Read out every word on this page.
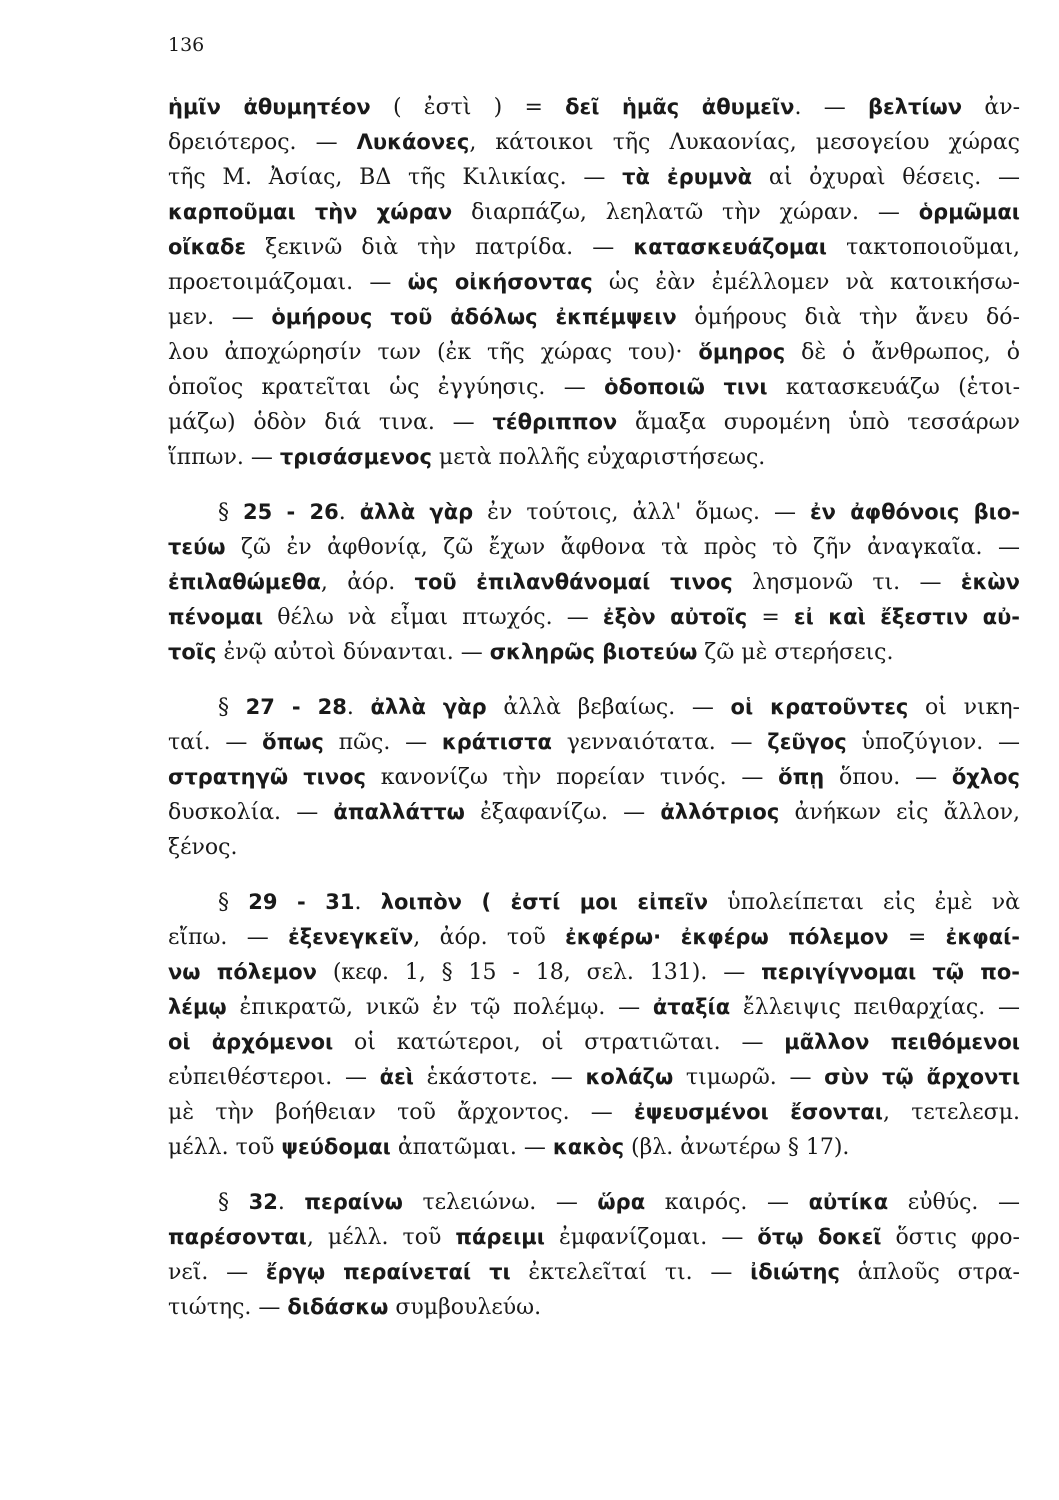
136
ἡμῖν ἀθυμητέον ( ἐστὶ ) = δεῖ ἡμᾶς ἀθυμεῖν. — βελτίων ἀν-
δρειότερος. — Λυκάονες, κάτοικοι τῆς Λυκαονίας, μεσογείου χώρας
τῆς Μ. Ἀσίας, ΒΔ τῆς Κιλικίας. — τὰ ἐρυμνὰ αἱ ὀχυραὶ θέσεις. —
καρποῦμαι τὴν χώραν διαρπάζω, λεηλατῶ τὴν χώραν. — ὁρμῶμαι
οἴκαδε ξεκινῶ διὰ τὴν πατρίδα. — κατασκευάζομαι τακτοποιοῦμαι,
προετοιμάζομαι. — ὡς οἰκήσοντας ὡς ἐὰν ἐμέλλομεν νὰ κατοικήσω-
μεν. — ὁμήρους τοῦ ἀδόλως ἐκπέμψειν ὁμήρους διὰ τὴν ἄνευ δό-
λου ἀποχώρησίν των (ἐκ τῆς χώρας του)· ὅμηρος δὲ ὁ ἄνθρωπος, ὁ
ὁποῖος κρατεῖται ὡς ἐγγύησις. — ὁδοποιῶ τινι κατασκευάζω (ἑτοι-
μάζω) ὁδὸν διά τινα. — τέθριππον ἅμαξα συρομένη ὑπὸ τεσσάρων
ἵππων. — τρισάσμενος μετὰ πολλῆς εὐχαριστήσεως.
§ 25 - 26. ἀλλὰ γὰρ ἐν τούτοις, ἀλλ' ὅμως. — ἐν ἀφθόνοις βιο-
τεύω ζῶ ἐν ἀφθονίᾳ, ζῶ ἔχων ἄφθονα τὰ πρὸς τὸ ζῆν ἀναγκαῖα. —
ἐπιλαθώμεθα, ἀόρ. τοῦ ἐπιλανθάνομαί τινος λησμονῶ τι. — ἑκὼν
πένομαι θέλω νὰ εἶμαι πτωχός. — ἐξὸν αὐτοῖς = εἰ καὶ ἔξεστιν αὐ-
τοῖς ἐνῷ αὐτοὶ δύνανται. — σκληρῶς βιοτεύω ζῶ μὲ στερήσεις.
§ 27 - 28. ἀλλὰ γὰρ ἀλλὰ βεβαίως. — οἱ κρατοῦντες οἱ νικη-
ταί. — ὅπως πῶς. — κράτιστα γενναιότατα. — ζεῦγος ὑποζύγιον. —
στρατηγῶ τινος κανονίζω τὴν πορείαν τινός. — ὅπῃ ὅπου. — ὄχλος
δυσκολία. — ἀπαλλάττω ἐξαφανίζω. — ἀλλότριος ἀνήκων εἰς ἄλλον,
ξένος.
§ 29 - 31. λοιπὸν ( ἐστί μοι εἰπεῖν ὑπολείπεται εἰς ἐμὲ νὰ
εἴπω. — ἐξενεγκεῖν, ἀόρ. τοῦ ἐκφέρω· ἐκφέρω πόλεμον = ἐκφαί-
νω πόλεμον (κεφ. 1, § 15 - 18, σελ. 131). — περιγίγνομαι τῷ πο-
λέμῳ ἐπικρατῶ, νικῶ ἐν τῷ πολέμῳ. — ἀταξία ἔλλειψις πειθαρχίας. —
οἱ ἀρχόμενοι οἱ κατώτεροι, οἱ στρατιῶται. — μᾶλλον πειθόμενοι
εὐπειθέστεροι. — ἀεὶ ἑκάστοτε. — κολάζω τιμωρῶ. — σὺν τῷ ἄρχοντι
μὲ τὴν βοήθειαν τοῦ ἄρχοντος. — ἐψευσμένοι ἔσονται, τετελεσμ.
μέλλ. τοῦ ψεύδομαι ἀπατῶμαι. — κακὸς (βλ. ἀνωτέρω § 17).
§ 32. περαίνω τελειώνω. — ὥρα καιρός. — αὐτίκα εὐθύς. —
παρέσονται, μέλλ. τοῦ πάρειμι ἐμφανίζομαι. — ὅτῳ δοκεῖ ὅστις φρο-
νεῖ. — ἔργῳ περαίνεταί τι ἐκτελεῖταί τι. — ἰδιώτης ἁπλοῦς στρα-
τιώτης. — διδάσκω συμβουλεύω.
